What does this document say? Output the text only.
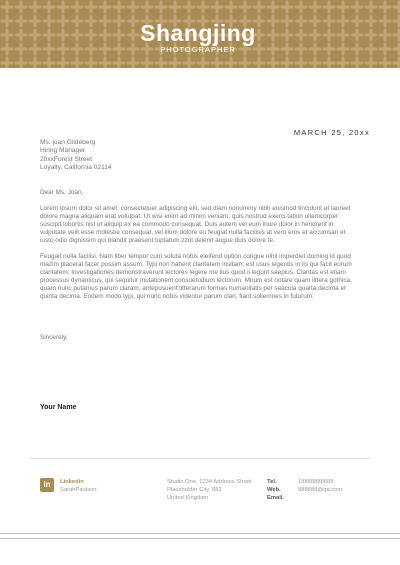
Shangjing
PHOTOGRAPHER
MARCH 25, 20xx
Ms. joan Gildeberg
Hiring Manager
20xxForest Street
Loyalty, California 02114

Dear Ms. Joan,

Lorem ipsum dolor sit amet, consectetuer adipiscing elit, sed diam nonummy nibh euismod tincidunt ut laoreet dolore magna aliquam erat volutpat. Ut wisi enim ad minim veniam, quis nostrud exerci tation ullamcorper suscipit lobortis nisl ut aliquip ex ea commodo consequat. Duis autem vel eum iriure dolor in hendrerit in vulputate velit esse molestie consequat, vel illum dolore eu feugiat nulla facilisis at vero eros et accumsan et iusto odio dignissim qui blandit praesent luptatum zzril delenit augue duis dolore te.

Feugait nulla facilisi. Nam liber tempor cum soluta nobis eleifend option congue nihil imperdiet doming id quod mazim placerat facer possim assum. Typi non habent claritatem insitam; est usus legentis in iis qui facit eorum claritatem. Investigationes demonstraverunt lectores legere me lius quod ii legunt saepius. Claritas est etiam processus dynamicus, qui sequitur mutationem consuetudium lectorum. Mirum est notare quam littera gothica, quam nunc putamus parum claram, anteposuerit litterarum formas humanitatis per seacula quarta decima et quinta decima. Eodem modo typi, qui nunc nobis videntur parum clari, fiant sollemnes in futurum.

Sincerely,

Your Name
in	Linkedin
SarahPaulson
Studio One, 1234 Address Street
Placeholder City, 882
United Kingdom
Tel.
Web.
Email.
18888888888
888888@qq.com
